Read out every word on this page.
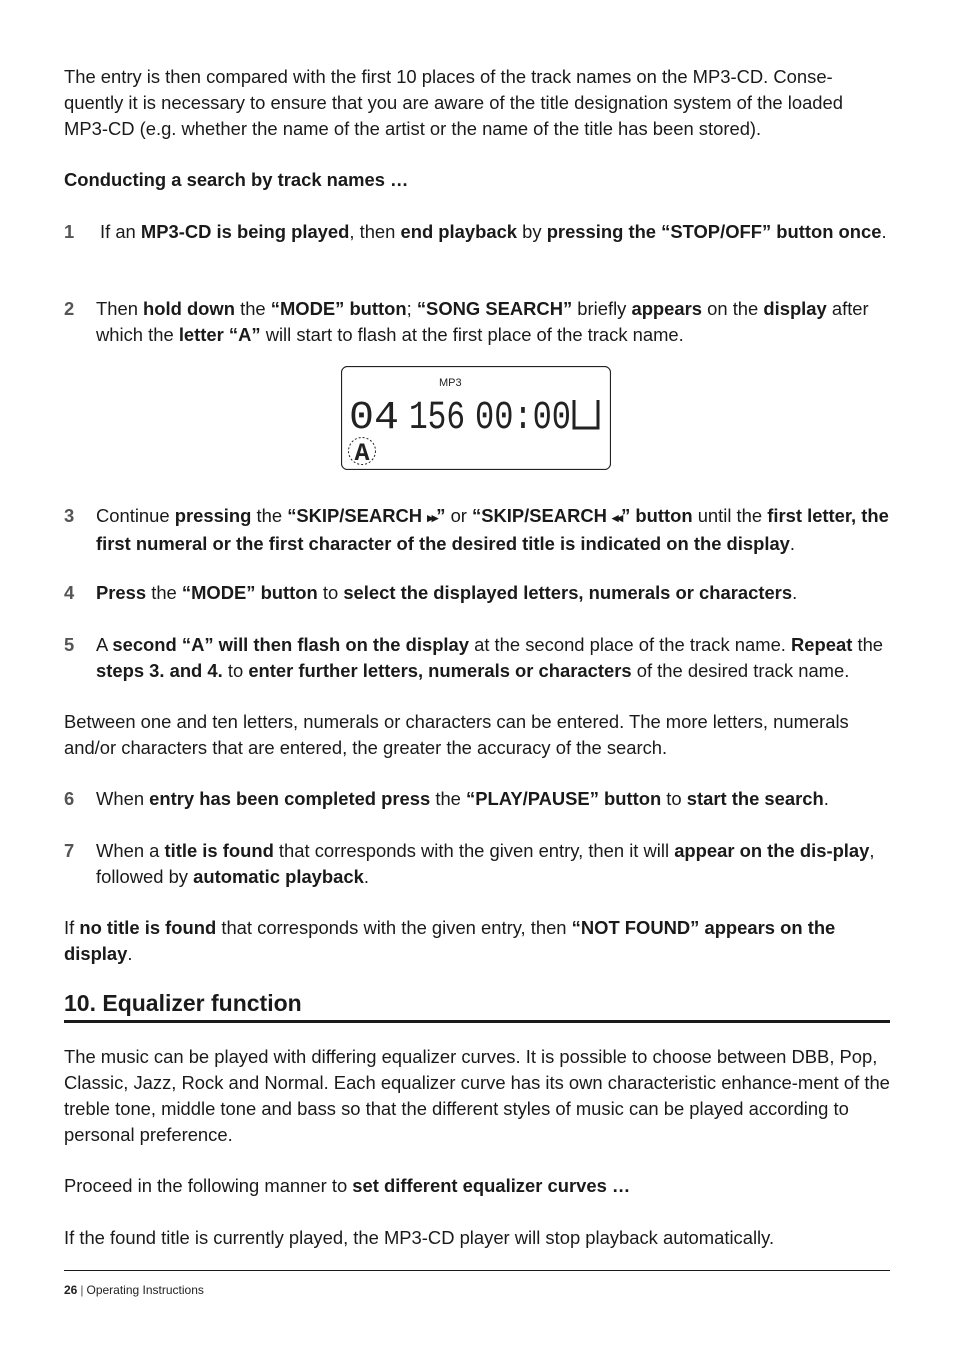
The entry is then compared with the first 10 places of the track names on the MP3-CD. Conse-quently it is necessary to ensure that you are aware of the title designation system of the loaded MP3-CD (e.g. whether the name of the artist or the name of the title has been stored).

Conducting a search by track names …

1	If an MP3-CD is being played, then end playback by pressing the “STOP/OFF” button once.

2 Then hold down the “MODE” button; “SONG SEARCH” briefly appears on the display after which the letter “A” will start to flash at the first place of the track name.

MP3
04 156 00:00
A
3 Continue pressing the “SKIP/SEARCH ▸▸” or “SKIP/SEARCH ◂◂” button until the first letter, the first numeral or the first character of the desired title is indicated on the display.

4 Press the “MODE” button to select the displayed letters, numerals or characters.

5 A second “A” will then flash on the display at the second place of the track name. Repeat the steps 3. and 4. to enter further letters, numerals or characters of the desired track name.

Between one and ten letters, numerals or characters can be entered. The more letters, numerals and/or characters that are entered, the greater the accuracy of the search.

6 When entry has been completed press the “PLAY/PAUSE” button to start the search.

7 When a title is found that corresponds with the given entry, then it will appear on the dis-play, followed by automatic playback.

If no title is found that corresponds with the given entry, then “NOT FOUND” appears on the display.

10. Equalizer function

The music can be played with differing equalizer curves. It is possible to choose between DBB, Pop, Classic, Jazz, Rock and Normal. Each equalizer curve has its own characteristic enhance-ment of the treble tone, middle tone and bass so that the different styles of music can be played according to personal preference.

Proceed in the following manner to set different equalizer curves …

If the found title is currently played, the MP3-CD player will stop playback automatically.

26 | Operating Instructions
